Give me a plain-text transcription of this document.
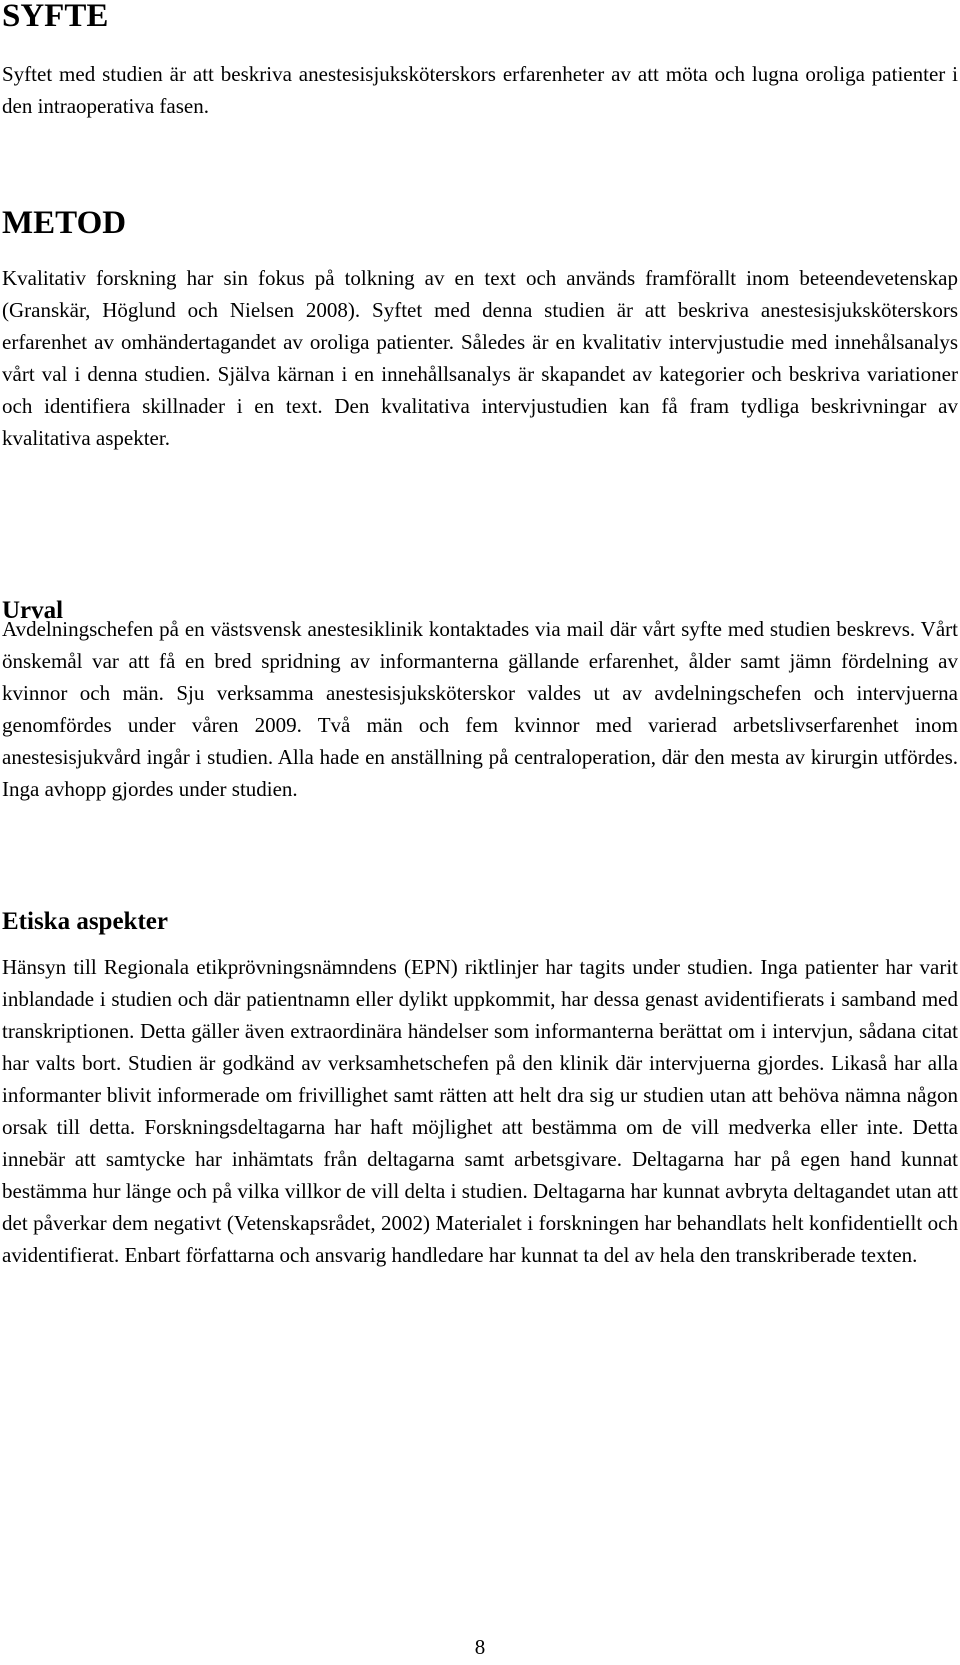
SYFTE

Syftet med studien är att beskriva anestesisjuksköterskors erfarenheter av att möta och lugna oroliga patienter i den intraoperativa fasen.

METOD

Kvalitativ forskning har sin fokus på tolkning av en text och används framförallt inom beteendevetenskap (Granskär, Höglund och Nielsen 2008). Syftet med denna studien är att beskriva anestesisjuksköterskors erfarenhet av omhändertagandet av oroliga patienter. Således är en kvalitativ intervjustudie med innehålsanalys vårt val i denna studien. Själva kärnan i en innehållsanalys är skapandet av kategorier och beskriva variationer och identifiera skillnader i en text. Den kvalitativa intervjustudien kan få fram tydliga beskrivningar av kvalitativa aspekter.

Urval

Avdelningschefen på en västsvensk anestesiklinik kontaktades via mail där vårt syfte med studien beskrevs. Vårt önskemål var att få en bred spridning av informanterna gällande erfarenhet, ålder samt jämn fördelning av kvinnor och män. Sju verksamma anestesisjuksköterskor valdes ut av avdelningschefen och intervjuerna genomfördes under våren 2009. Två män och fem kvinnor med varierad arbetslivserfarenhet inom anestesisjukvård ingår i studien. Alla hade en anställning på centraloperation, där den mesta av kirurgin utfördes. Inga avhopp gjordes under studien.

Etiska aspekter

Hänsyn till Regionala etikprövningsnämndens (EPN) riktlinjer har tagits under studien. Inga patienter har varit inblandade i studien och där patientnamn eller dylikt uppkommit, har dessa genast avidentifierats i samband med transkriptionen. Detta gäller även extraordinära händelser som informanterna berättat om i intervjun, sådana citat har valts bort. Studien är godkänd av verksamhetschefen på den klinik där intervjuerna gjordes. Likaså har alla informanter blivit informerade om frivillighet samt rätten att helt dra sig ur studien utan att behöva nämna någon orsak till detta. Forskningsdeltagarna har haft möjlighet att bestämma om de vill medverka eller inte. Detta innebär att samtycke har inhämtats från deltagarna samt arbetsgivare. Deltagarna har på egen hand kunnat bestämma hur länge och på vilka villkor de vill delta i studien. Deltagarna har kunnat avbryta deltagandet utan att det påverkar dem negativt (Vetenskapsrådet, 2002) Materialet i forskningen har behandlats helt konfidentiellt och avidentifierat. Enbart författarna och ansvarig handledare har kunnat ta del av hela den transkriberade texten.

8
